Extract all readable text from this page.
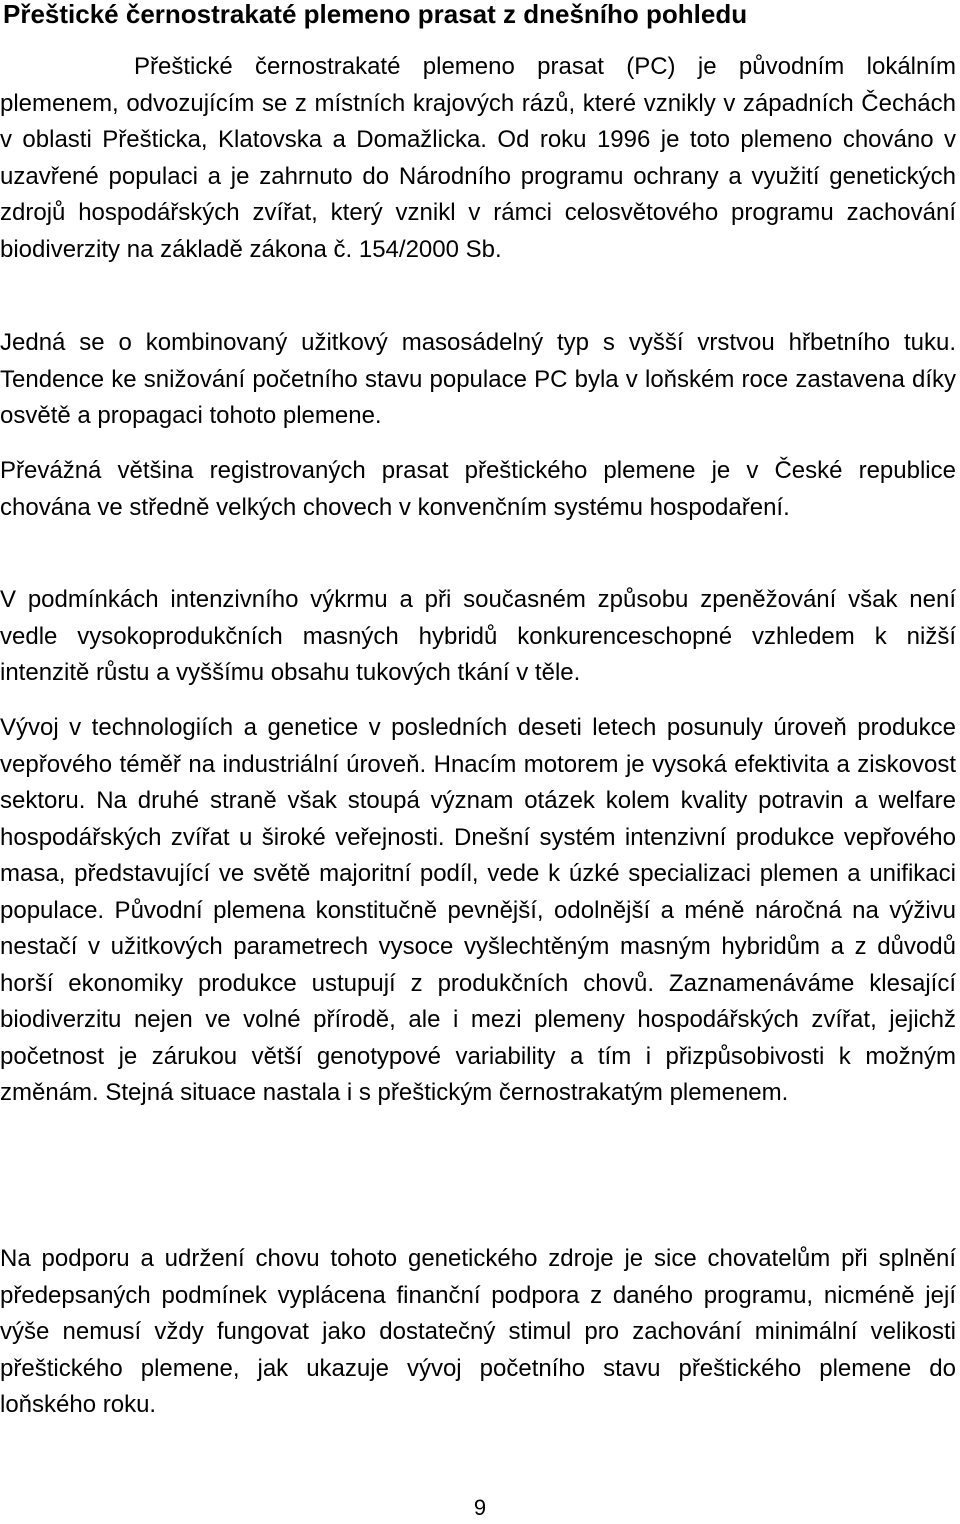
Přeštické černostrakaté plemeno prasat z dnešního pohledu

Přeštické černostrakaté plemeno prasat (PC) je původním lokálním plemenem, odvozujícím se z místních krajových rázů, které vznikly v západních Čechách v oblasti Přešticka, Klatovska a Domažlicka. Od roku 1996 je toto plemeno chováno v uzavřené populaci a je zahrnuto do Národního programu ochrany a využití genetických zdrojů hospodářských zvířat, který vznikl v rámci celosvětového programu zachování biodiverzity na základě zákona č. 154/2000 Sb.

Jedná se o kombinovaný užitkový masosádelný typ s vyšší vrstvou hřbetního tuku. Tendence ke snižování početního stavu populace PC byla v loňském roce zastavena díky osvětě a propagaci tohoto plemene.

Převážná většina registrovaných prasat přeštického plemene je v České republice chována ve středně velkých chovech v konvenčním systému hospodaření.

V podmínkách intenzivního výkrmu a při současném způsobu zpeněžování však není vedle vysokoprodukčních masných hybridů konkurenceschopné vzhledem k nižší intenzitě růstu a vyššímu obsahu tukových tkání v těle.

Vývoj v technologiích a genetice v posledních deseti letech posunuly úroveň produkce vepřového téměř na industriální úroveň. Hnacím motorem je vysoká efektivita a ziskovost sektoru. Na druhé straně však stoupá význam otázek kolem kvality potravin a welfare hospodářských zvířat u široké veřejnosti. Dnešní systém intenzivní produkce vepřového masa, představující ve světě majoritní podíl, vede k úzké specializaci plemen a unifikaci populace. Původní plemena konstitučně pevnější, odolnější a méně náročná na výživu nestačí v užitkových parametrech vysoce vyšlechtěným masným hybridům a z důvodů horší ekonomiky produkce ustupují z produkčních chovů. Zaznamenáváme klesající biodiverzitu nejen ve volné přírodě, ale i mezi plemeny hospodářských zvířat, jejichž početnost je zárukou větší genotypové variability a tím i přizpůsobivosti k možným změnám. Stejná situace nastala i s přeštickým černostrakatým plemenem.

Na podporu a udržení chovu tohoto genetického zdroje je sice chovatelům při splnění předepsaných podmínek vyplácena finanční podpora z daného programu, nicméně její výše nemusí vždy fungovat jako dostatečný stimul pro zachování minimální velikosti přeštického plemene, jak ukazuje vývoj početního stavu přeštického plemene do loňského roku.

9
